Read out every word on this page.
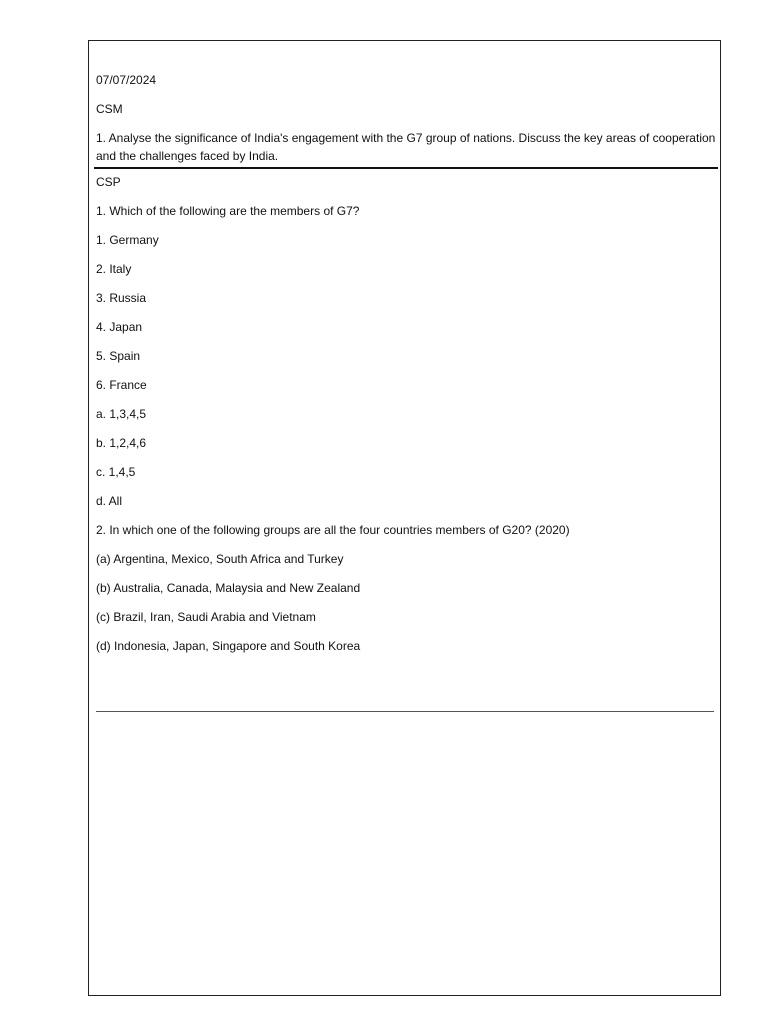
07/07/2024

CSM

1. Analyse the significance of India's engagement with the G7 group of nations. Discuss the key areas of cooperation and the challenges faced by India.

CSP

1. Which of the following are the members of G7?

1. Germany
2. Italy
3. Russia
4. Japan
5. Spain
6. France
a. 1,3,4,5
b. 1,2,4,6
c. 1,4,5
d. All

2. In which one of the following groups are all the four countries members of G20? (2020)

(a) Argentina, Mexico, South Africa and Turkey
(b) Australia, Canada, Malaysia and New Zealand
(c) Brazil, Iran, Saudi Arabia and Vietnam
(d) Indonesia, Japan, Singapore and South Korea
